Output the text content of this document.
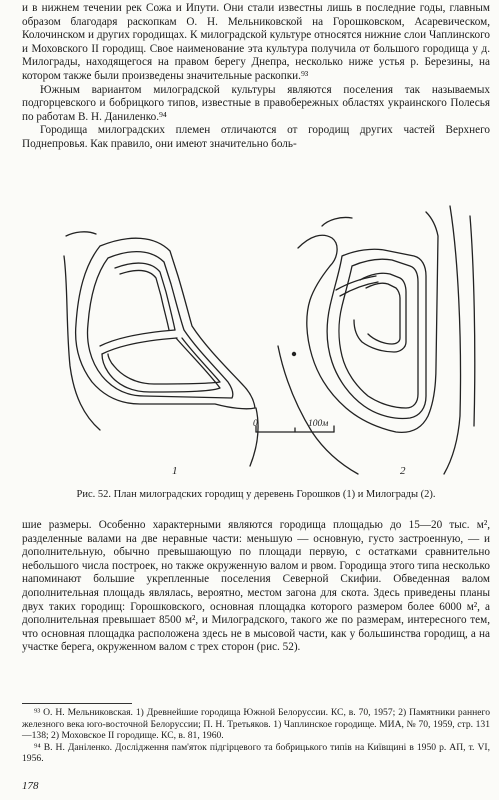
и в нижнем течении рек Сожа и Ипути. Они стали известны лишь в последние годы, главным образом благодаря раскопкам О. Н. Мельниковской на Горошковском, Асаревическом, Колочинском и других городищах. К милоградской культуре относятся нижние слои Чаплинского и Моховского II городищ. Свое наименование эта культура получила от большого городища у д. Милограды, находящегося на правом берегу Днепра, несколько ниже устья р. Березины, на котором также были произведены значительные раскопки.⁹³

Южным вариантом милоградской культуры являются поселения так называемых подгорцевского и бобрицкого типов, известные в правобережных областях украинского Полесья по работам В. Н. Даниленко.⁹⁴

Городища милоградских племен отличаются от городищ других частей Верхнего Поднепровья. Как правило, они имеют значительно боль-

1	2
0	100м
Рис. 52. План милоградских городищ у деревень Горошков (1) и Милограды (2).

шие размеры. Особенно характерными являются городища площадью до 15—20 тыс. м², разделенные валами на две неравные части: меньшую — основную, густо застроенную, — и дополнительную, обычно превышающую по площади первую, с остатками сравнительно небольшого числа построек, но также окруженную валом и рвом. Городища этого типа несколько напоминают большие укрепленные поселения Северной Скифии. Обведенная валом дополнительная площадь являлась, вероятно, местом загона для скота. Здесь приведены планы двух таких городищ: Горошковского, основная площадка которого размером более 6000 м², а дополнительная превышает 8500 м², и Милоградского, такого же по размерам, интересного тем, что основная площадка расположена здесь не в мысовой части, как у большинства городищ, а на участке берега, окруженном валом с трех сторон (рис. 52).

⁹³ О. Н. Мельниковская. 1) Древнейшие городища Южной Белоруссии. КС, в. 70, 1957; 2) Памятники раннего железного века юго-восточной Белоруссии; П. Н. Третьяков. 1) Чаплинское городище. МИА, № 70, 1959, стр. 131—138; 2) Моховское II городище. КС, в. 81, 1960.

⁹⁴ В. Н. Даніленко. Дослідження пам'яток підгірцевого та бобрицького типів на Київщині в 1950 р. АП, т. VI, 1956.

178
